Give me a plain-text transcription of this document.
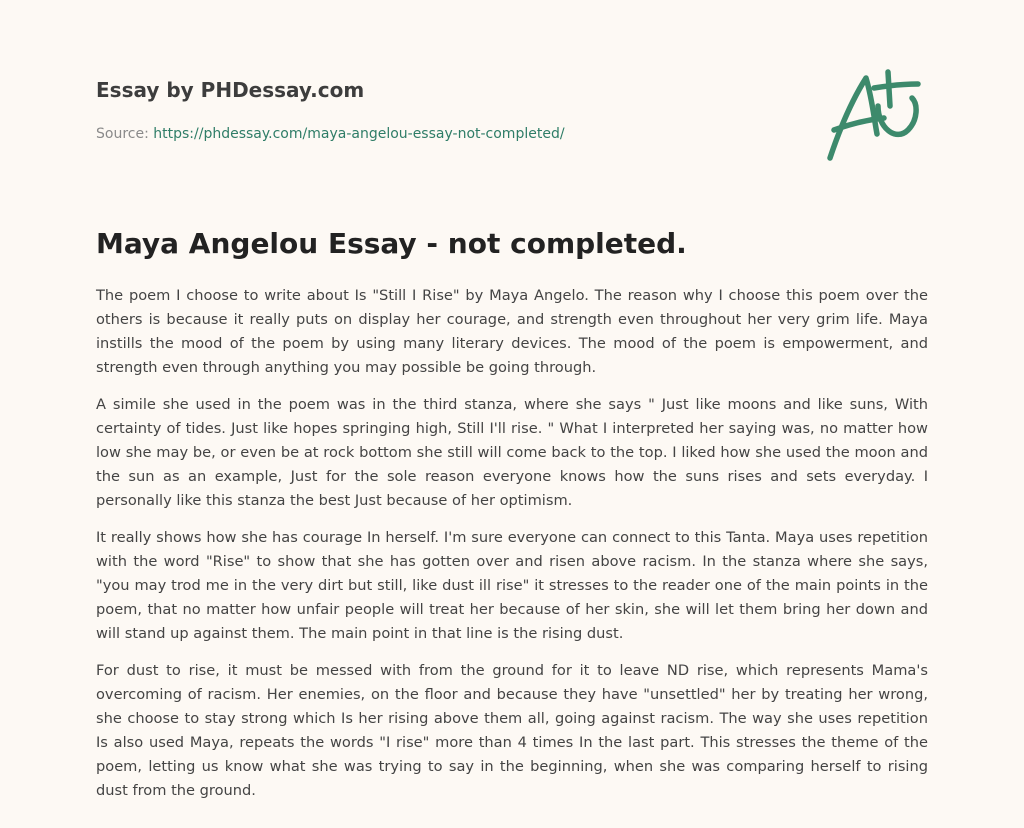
Essay by PHDessay.com
Source: https://phdessay.com/maya-angelou-essay-not-completed/
Maya Angelou Essay - not completed.

The poem I choose to write about Is "Still I Rise" by Maya Angelo. The reason why I choose this poem over the others is because it really puts on display her courage, and strength even throughout her very grim life. Maya instills the mood of the poem by using many literary devices. The mood of the poem is empowerment, and strength even through anything you may possible be going through.

A simile she used in the poem was in the third stanza, where she says " Just like moons and like suns, With certainty of tides. Just like hopes springing high, Still I'll rise. " What I interpreted her saying was, no matter how low she may be, or even be at rock bottom she still will come back to the top. I liked how she used the moon and the sun as an example, Just for the sole reason everyone knows how the suns rises and sets everyday. I personally like this stanza the best Just because of her optimism.

It really shows how she has courage In herself. I'm sure everyone can connect to this Tanta. Maya uses repetition with the word "Rise" to show that she has gotten over and risen above racism. In the stanza where she says, "you may trod me in the very dirt but still, like dust ill rise" it stresses to the reader one of the main points in the poem, that no matter how unfair people will treat her because of her skin, she will let them bring her down and will stand up against them. The main point in that line is the rising dust.

For dust to rise, it must be messed with from the ground for it to leave ND rise, which represents Mama's overcoming of racism. Her enemies, on the floor and because they have "unsettled" her by treating her wrong, she choose to stay strong which Is her rising above them all, going against racism. The way she uses repetition Is also used Maya, repeats the words "I rise" more than 4 times In the last part. This stresses the theme of the poem, letting us know what she was trying to say in the beginning, when she was comparing herself to rising dust from the ground.
